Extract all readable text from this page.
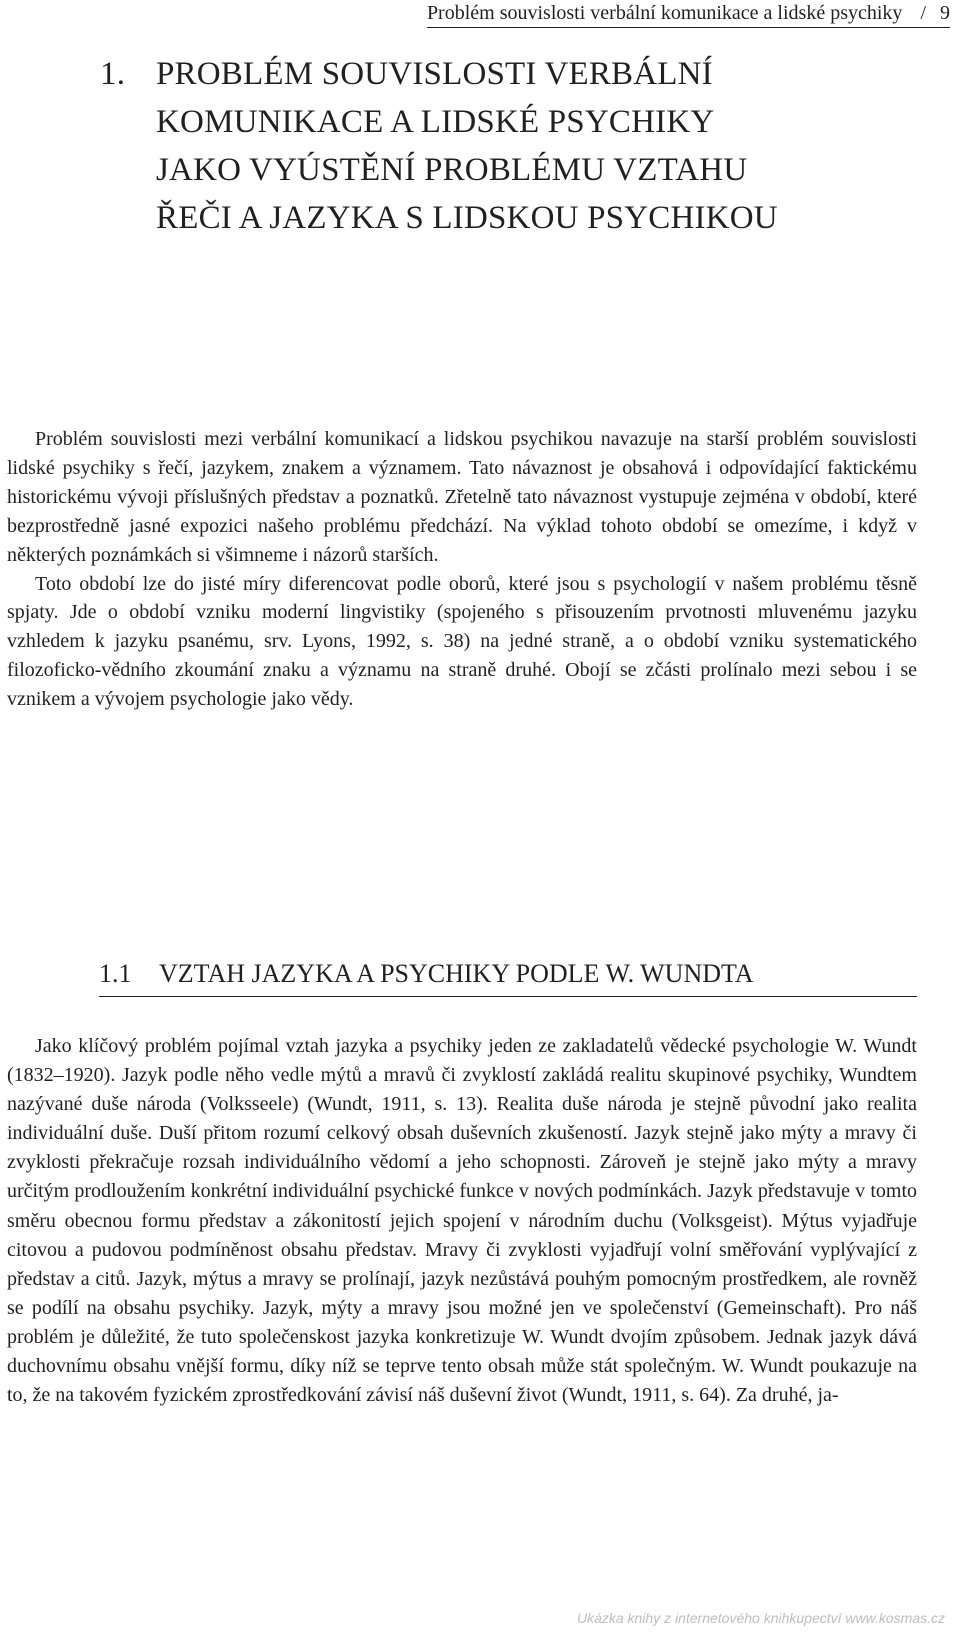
Problém souvislosti verbální komunikace a lidské psychiky / 9
1. PROBLÉM SOUVISLOSTI VERBÁLNÍ
KOMUNIKACE A LIDSKÉ PSYCHIKY
JAKO VYÚSTĚNÍ PROBLÉMU VZTAHU
ŘEČI A JAZYKA S LIDSKOU PSYCHIKOU

Problém souvislosti mezi verbální komunikací a lidskou psychikou navazuje na starší problém souvislosti lidské psychiky s řečí, jazykem, znakem a významem. Tato návaznost je obsahová i odpovídající faktickému historickému vývoji příslušných představ a poznatků. Zřetelně tato návaznost vystupuje zejména v období, které bezprostředně jasné expozici našeho problému předchází. Na výklad tohoto období se omezíme, i když v některých poznámkách si všimneme i názorů starších.

Toto období lze do jisté míry diferencovat podle oborů, které jsou s psychologií v našem problému těsně spjaty. Jde o období vzniku moderní lingvistiky (spojeného s přisouzením prvotnosti mluvenému jazyku vzhledem k jazyku psanému, srv. Lyons, 1992, s. 38) na jedné straně, a o období vzniku systematického filozoficko-vědního zkoumání znaku a významu na straně druhé. Obojí se zčásti prolínalo mezi sebou i se vznikem a vývojem psychologie jako vědy.

1.1 VZTAH JAZYKA A PSYCHIKY PODLE W. WUNDTA

Jako klíčový problém pojímal vztah jazyka a psychiky jeden ze zakladatelů vědecké psychologie W. Wundt (1832–1920). Jazyk podle něho vedle mýtů a mravů či zvyklostí zakládá realitu skupinové psychiky, Wundtem nazývané duše národa (Volksseele) (Wundt, 1911, s. 13). Realita duše národa je stejně původní jako realita individuální duše. Duší přitom rozumí celkový obsah duševních zkušeností. Jazyk stejně jako mýty a mravy či zvyklosti překračuje rozsah individuálního vědomí a jeho schopnosti. Zároveň je stejně jako mýty a mravy určitým prodloužením konkrétní individuální psychické funkce v nových podmínkách. Jazyk představuje v tomto směru obecnou formu představ a zákonitostí jejich spojení v národním duchu (Volksgeist). Mýtus vyjadřuje citovou a pudovou podmíněnost obsahu představ. Mravy či zvyklosti vyjadřují volní směřování vyplývající z představ a citů. Jazyk, mýtus a mravy se prolínají, jazyk nezůstává pouhým pomocným prostředkem, ale rovněž se podílí na obsahu psychiky. Jazyk, mýty a mravy jsou možné jen ve společenství (Gemeinschaft). Pro náš problém je důležité, že tuto společenskost jazyka konkretizuje W. Wundt dvojím způsobem. Jednak jazyk dává duchovnímu obsahu vnější formu, díky níž se teprve tento obsah může stát společným. W. Wundt poukazuje na to, že na takovém fyzickém zprostředkování závisí náš duševní život (Wundt, 1911, s. 64). Za druhé, ja-

Ukázka knihy z internetového knihkupectví www.kosmas.cz
